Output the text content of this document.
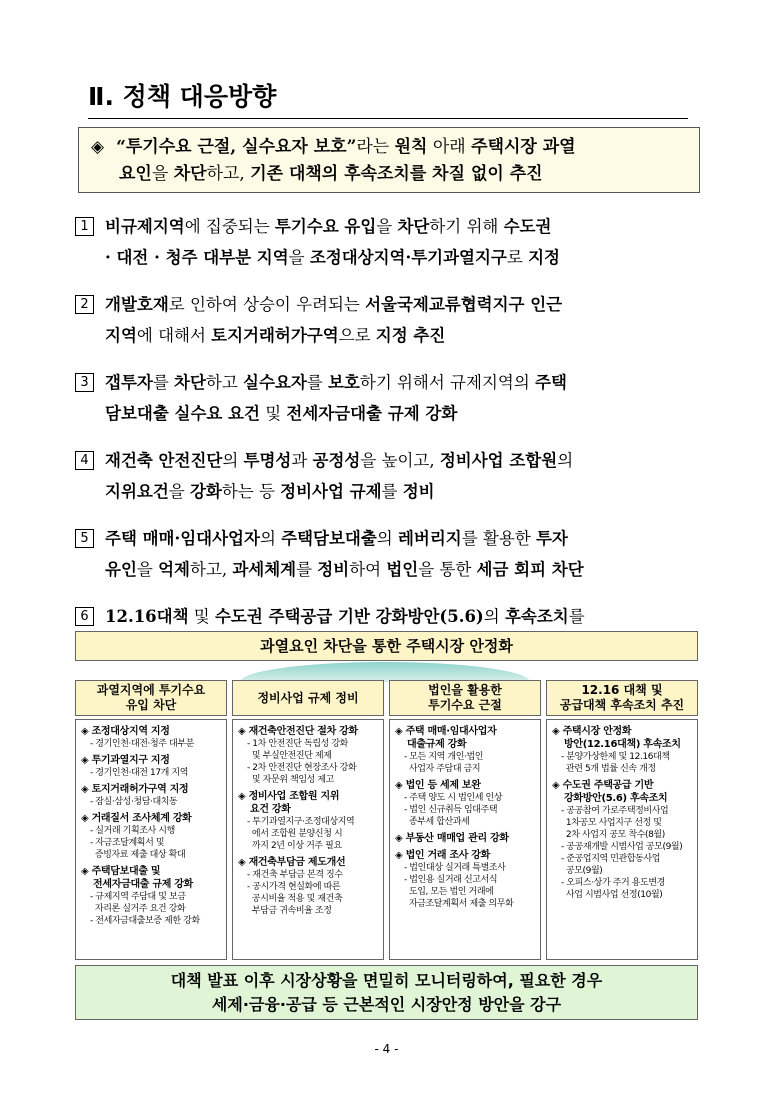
Ⅱ. 정책 대응방향
◈ “투기수요 근절, 실수요자 보호”라는 원칙 아래 주택시장 과열
요인을 차단하고, 기존 대책의 후속조치를 차질 없이 추진
1 비규제지역에 집중되는 투기수요 유입을 차단하기 위해 수도권
· 대전 · 청주 대부분 지역을 조정대상지역·투기과열지구로 지정
2 개발호재로 인하여 상승이 우려되는 서울국제교류협력지구 인근
지역에 대해서 토지거래허가구역으로 지정 추진
3 갭투자를 차단하고 실수요자를 보호하기 위해서 규제지역의 주택
담보대출 실수요 요건 및 전세자금대출 규제 강화
4 재건축 안전진단의 투명성과 공정성을 높이고, 정비사업 조합원의
지위요건을 강화하는 등 정비사업 규제를 정비
5 주택 매매·임대사업자의 주택담보대출의 레버리지를 활용한 투자
유인을 억제하고, 과세체계를 정비하여 법인을 통한 세금 회피 차단
6 12.16대책 및 수도권 주택공급 기반 강화방안(5.6)의 후속조치를
과열요인 차단을 통한 주택시장 안정화
과열지역에 투기수요
유입 차단
◈ 조정대상지역 지정
- 경기인천·대전·청주 대부분
◈ 투기과열지구 지정
- 경기인천·대전 17개 지역
◈ 토지거래허가구역 지정
- 잠실·삼성·청담·대치동
◈ 거래질서 조사체계 강화
- 실거래 기획조사 시행
- 자금조달계획서 및
증빙자료 제출 대상 확대
◈ 주택담보대출 및
전세자금대출 규제 강화
- 규제지역 주담대 및 보금
자리론 실거주 요건 강화
- 전세자금대출보증 제한 강화
정비사업 규제 정비
◈ 재건축안전진단 절차 강화
- 1차 안전진단 독립성 강화
및 부실안전진단 제제
- 2차 안전진단 현장조사 강화
및 자문위 책임성 제고
◈ 정비사업 조합원 지위
요건 강화
- 투기과열지구·조정대상지역
에서 조합원 분양신청 시
까지 2년 이상 거주 필요
◈ 재건축부담금 제도개선
- 재건축 부담금 본격 징수
- 공시가격 현실화에 따른
공시비율 적용 및 재건축
부담금 귀속비율 조정
법인을 활용한
투기수요 근절
◈ 주택 매매·임대사업자
대출규제 강화
- 모든 지역 개인·법인
사업자 주담대 금지
◈ 법인 등 세제 보완
- 주택 양도 시 법인세 인상
- 법인 신규취득 임대주택
종부세 합산과세
◈ 부동산 매매업 관리 강화
◈ 법인 거래 조사 강화
- 법인대상 실거래 특별조사
- 법인용 실거래 신고서식
도입, 모든 법인 거래에
자금조달계획서 제출 의무화
12.16 대책 및
공급대책 후속조치 추진
◈ 주택시장 안정화
방안(12.16대책) 후속조치
- 분양가상한제 및 12.16대책
관련 5개 법률 신속 개정
◈ 수도권 주택공급 기반
강화방안(5.6) 후속조치
- 공공참여 가로주택정비사업
1차공모 사업지구 선정 및
2차 사업지 공모 착수(8월)
- 공공재개발 시범사업 공모(9월)
- 준공업지역 민관합동사업
공모(9월)
- 오피스·상가 주거 용도변경
사업 시범사업 선정(10월)
대책 발표 이후 시장상황을 면밀히 모니터링하여, 필요한 경우
세제·금융·공급 등 근본적인 시장안정 방안을 강구
- 4 -
